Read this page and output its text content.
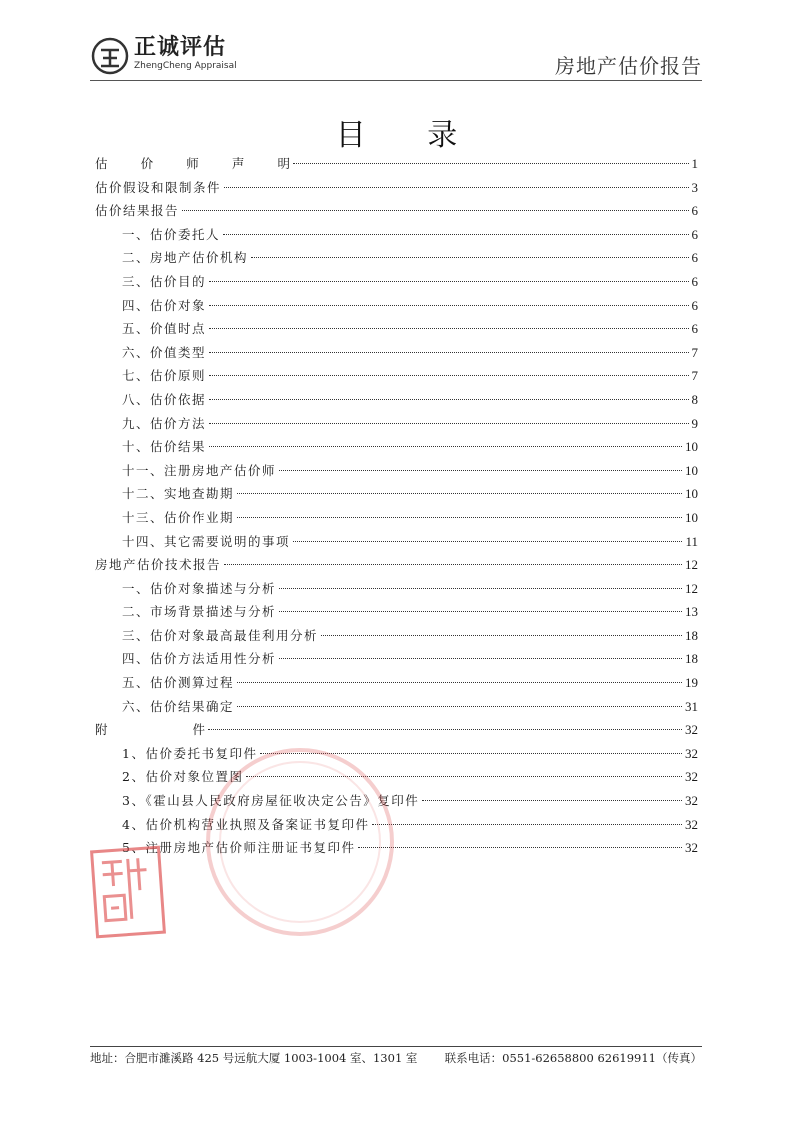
正诚评估
ZhengCheng Appraisal	房地产估价报告
目 录
估	价	师	声	明	1
估价假设和限制条件	3
估价结果报告	6
一、估价委托人	6
二、房地产估价机构	6
三、估价目的	6
四、估价对象	6
五、价值时点	6
六、价值类型	7
七、估价原则	7
八、估价依据	8
九、估价方法	9
十、估价结果	10
十一、注册房地产估价师	10
十二、实地查勘期	10
十三、估价作业期	10
十四、其它需要说明的事项	11
房地产估价技术报告	12
一、估价对象描述与分析	12
二、市场背景描述与分析	13
三、估价对象最高最佳利用分析	18
四、估价方法适用性分析	18
五、估价测算过程	19
六、估价结果确定	31
附	件	32
1、估价委托书复印件	32
2、估价对象位置图	32
3、《霍山县人民政府房屋征收决定公告》复印件	32
4、估价机构营业执照及备案证书复印件	32
5、注册房地产估价师注册证书复印件	32
地址：合肥市濉溪路 425 号远航大厦 1003-1004 室、1301 室 联系电话：0551-62658800 62619911（传真）
